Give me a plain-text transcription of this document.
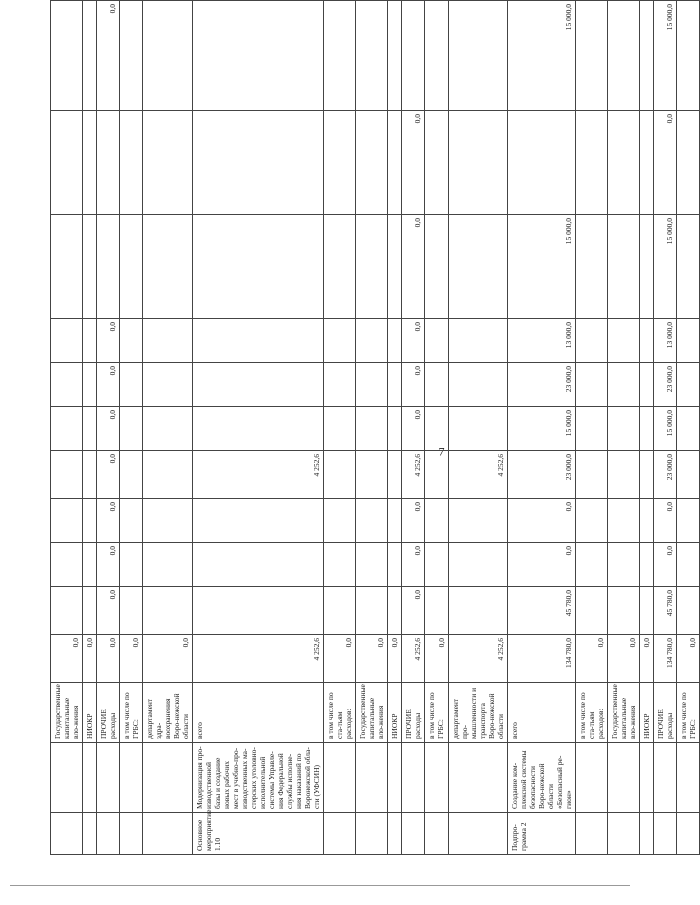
7
		Государственные капитальные вло-жения	0,0										
		НИОКР	0,0										
		ПРОЧИЕ расходы	0,0	0,0	0,0	0,0	0,0	0,0	0,0	0,0			0,0
		в том числе по ГРБС:	0,0										
		департамент здра-воохранения Воро-нежской области	0,0										
Основное мероприятие 1.10	Модернизация про-изводственной базы и создание новых рабочих мест в учебно-про-изводственных ма-стерских уголовно-исполнительной системы Управле-ния Федеральной службы исполне-ния наказаний по Воронежской обла-сти (УФСИН)	всего	4 252,6				4 252,6						
		в том числе по ста-тьям расходов:	0,0										
		Государственные капитальные вло-жения	0,0										
		НИОКР	0,0										
		ПРОЧИЕ расходы	4 252,6	0,0	0,0	0,0	4 252,6	0,0	0,0	0,0	0,0	0,0	
		в том числе по ГРБС:	0,0										
		департамент про-мышленности и транспорта Воро-нежской области	4 252,6				4 252,6						
Подпро-грамма 2	Создание ком-плексной системы безопасности Воро-нежской области «Безопасный ре-гион»	всего	134 780,0	45 780,0	0,0	0,0	23 000,0	15 000,0	23 000,0	13 000,0	15 000,0		15 000,0
		в том числе по ста-тьям расходов:	0,0										
		Государственные капитальные вло-жения	0,0										
		НИОКР	0,0										
		ПРОЧИЕ расходы	134 780,0	45 780,0	0,0	0,0	23 000,0	15 000,0	23 000,0	13 000,0	15 000,0	0,0	15 000,0
		в том числе по ГРБС:	0,0										
